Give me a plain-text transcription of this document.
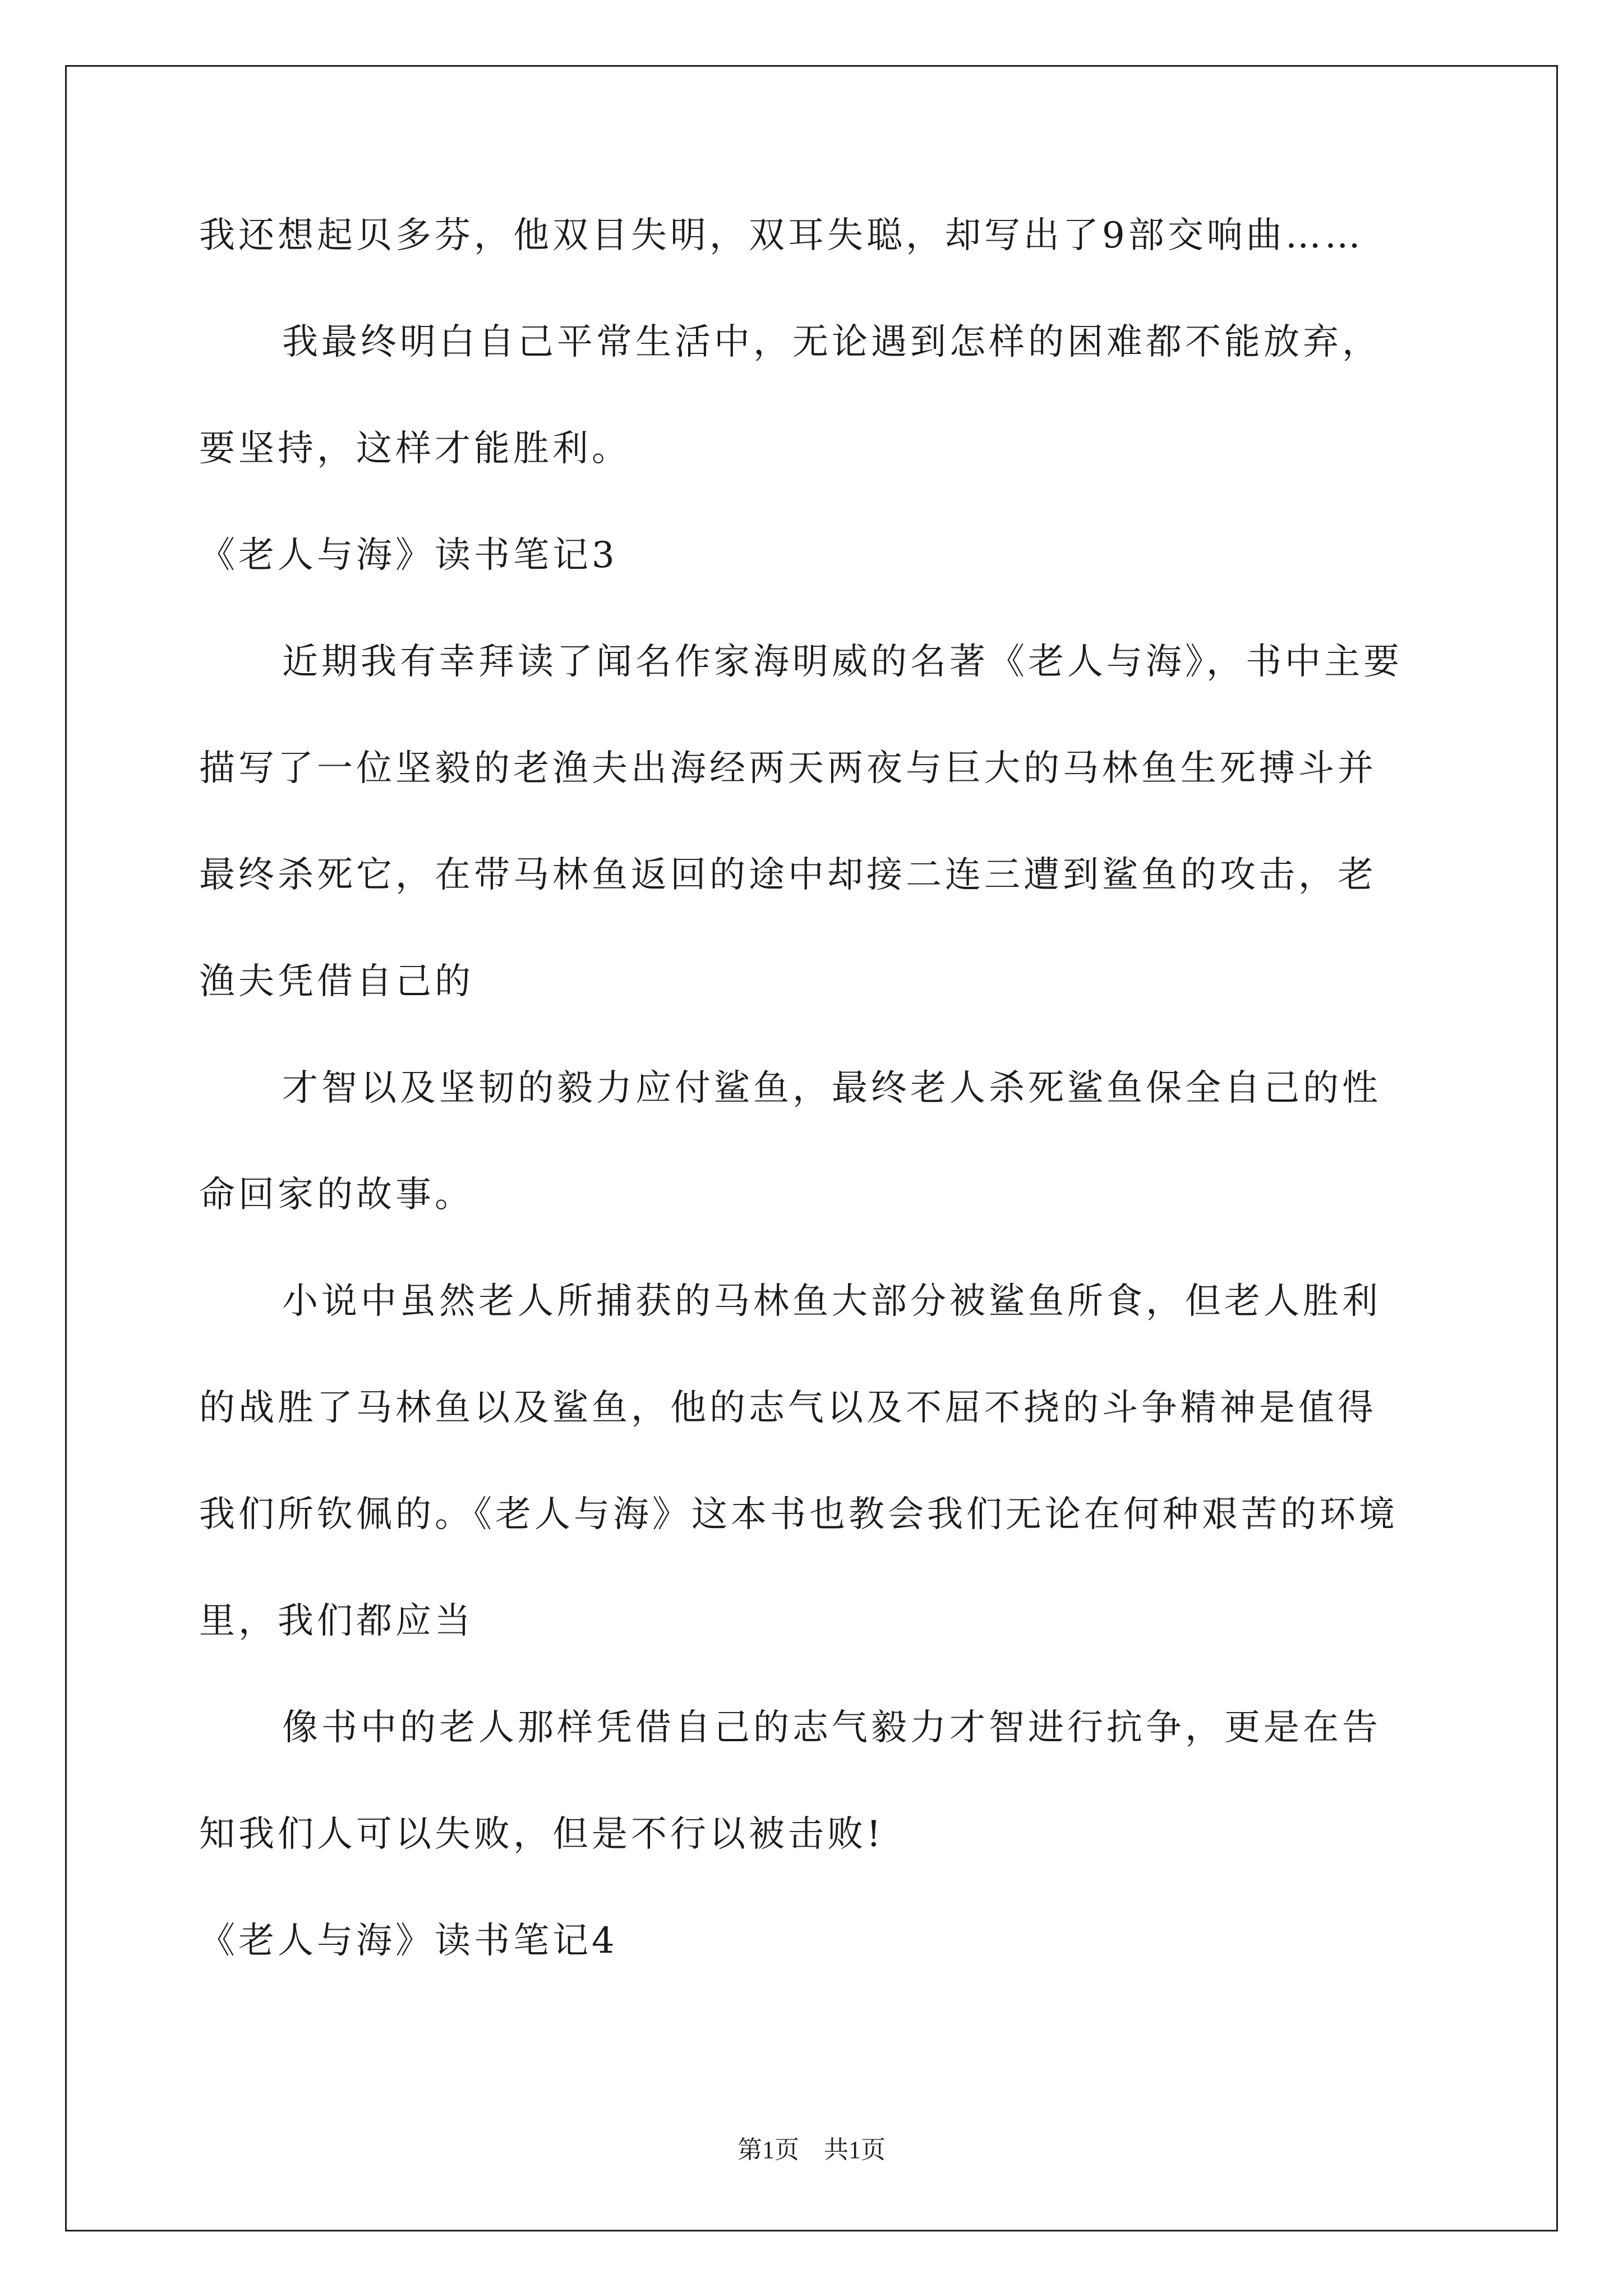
我还想起贝多芬，他双目失明，双耳失聪，却写出了9部交响曲……
我最终明白自己平常生活中，无论遇到怎样的困难都不能放弃，
要坚持，这样才能胜利。
《老人与海》读书笔记3
近期我有幸拜读了闻名作家海明威的名著《老人与海》，书中主要
描写了一位坚毅的老渔夫出海经两天两夜与巨大的马林鱼生死搏斗并
最终杀死它，在带马林鱼返回的途中却接二连三遭到鲨鱼的攻击，老
渔夫凭借自己的
才智以及坚韧的毅力应付鲨鱼，最终老人杀死鲨鱼保全自己的性
命回家的故事。
小说中虽然老人所捕获的马林鱼大部分被鲨鱼所食，但老人胜利
的战胜了马林鱼以及鲨鱼，他的志气以及不屈不挠的斗争精神是值得
我们所钦佩的。《老人与海》这本书也教会我们无论在何种艰苦的环境
里，我们都应当
像书中的老人那样凭借自己的志气毅力才智进行抗争，更是在告
知我们人可以失败，但是不行以被击败!
《老人与海》读书笔记4
第1页 共1页
